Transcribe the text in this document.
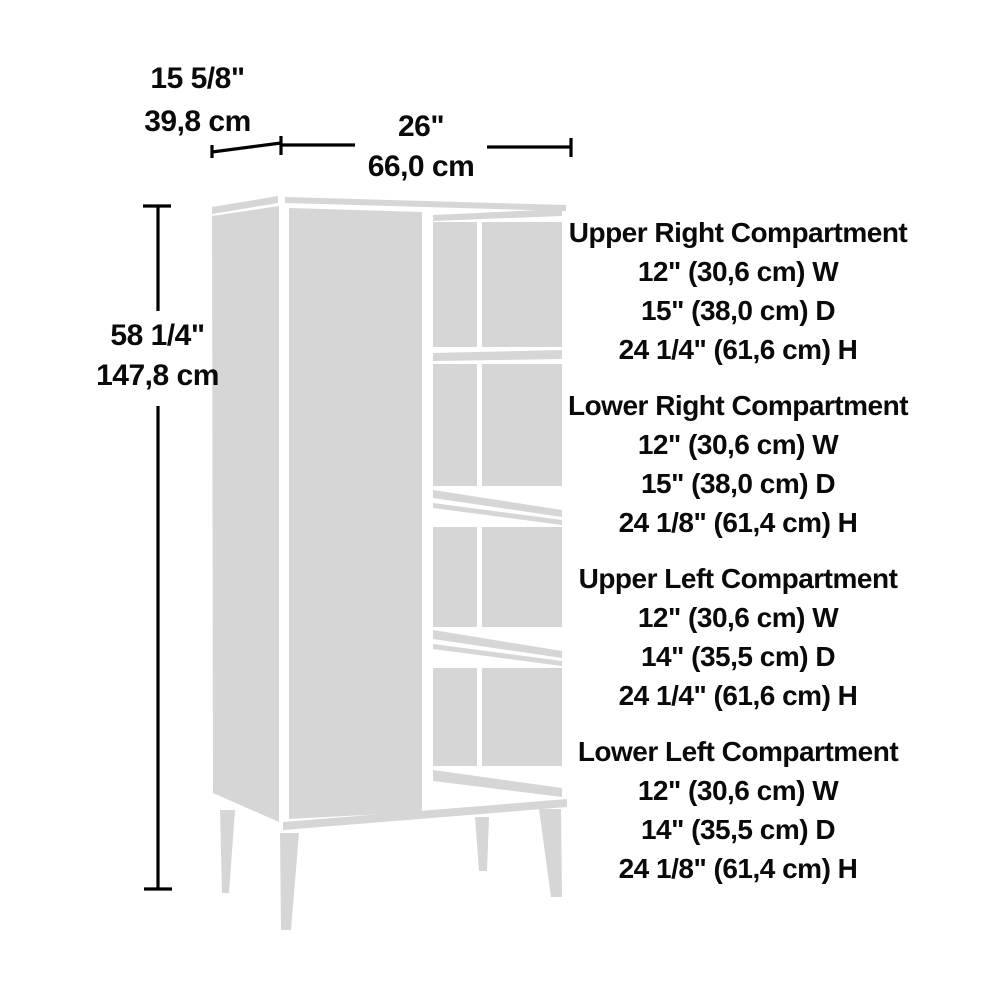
15 5/8"
39,8 cm	26"
66,0 cm
58 1/4"
147,8 cm
Upper Right Compartment
12" (30,6 cm) W
15" (38,0 cm) D
24 1/4" (61,6 cm) H
Lower Right Compartment
12" (30,6 cm) W
15" (38,0 cm) D
24 1/8" (61,4 cm) H
Upper Left Compartment
12" (30,6 cm) W
14" (35,5 cm) D
24 1/4" (61,6 cm) H
Lower Left Compartment
12" (30,6 cm) W
14" (35,5 cm) D
24 1/8" (61,4 cm) H
